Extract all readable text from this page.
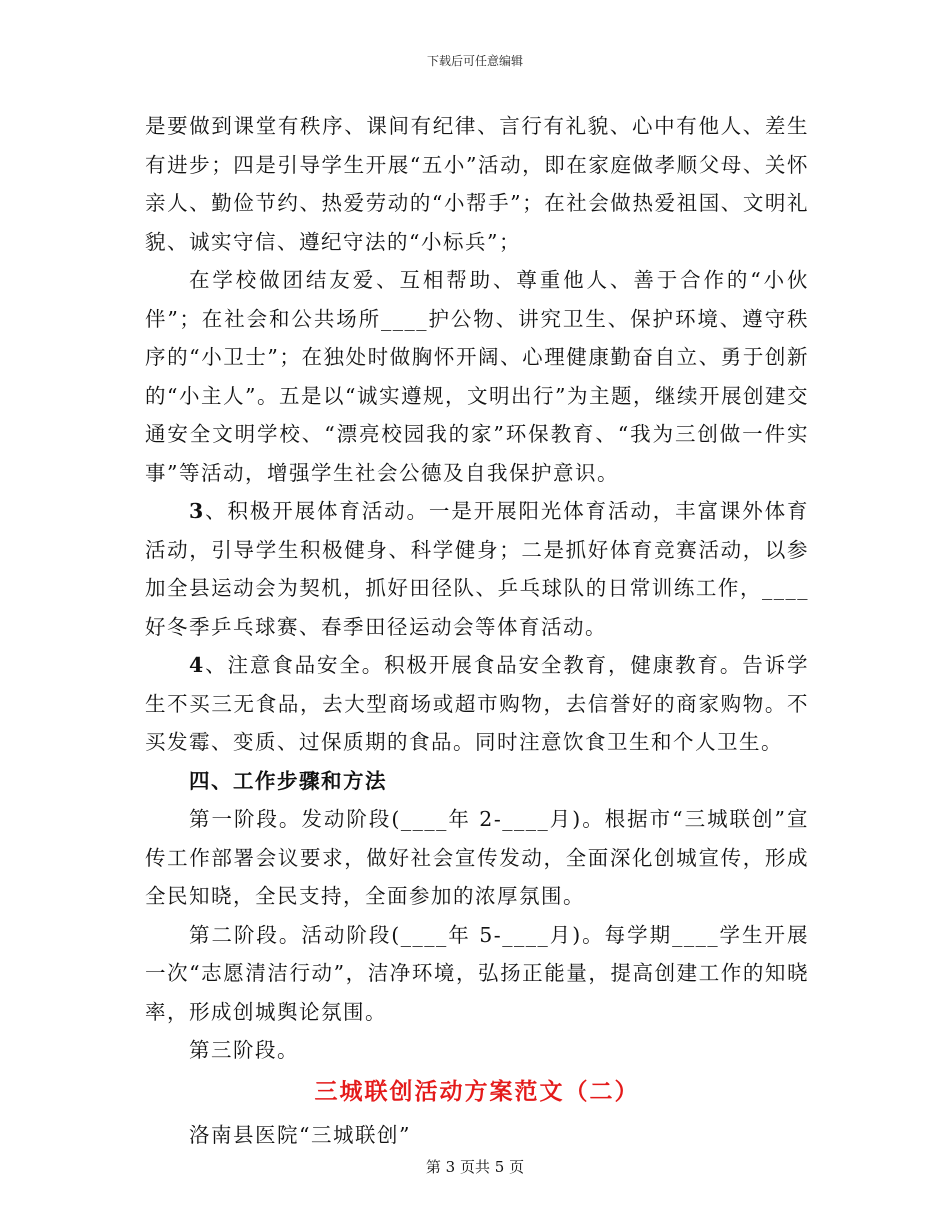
下载后可任意编辑

是要做到课堂有秩序、课间有纪律、言行有礼貌、心中有他人、差生有进步；四是引导学生开展“五小”活动，即在家庭做孝顺父母、关怀亲人、勤俭节约、热爱劳动的“小帮手”；在社会做热爱祖国、文明礼貌、诚实守信、遵纪守法的“小标兵”；

在学校做团结友爱、互相帮助、尊重他人、善于合作的“小伙伴”；在社会和公共场所____护公物、讲究卫生、保护环境、遵守秩序的“小卫士”；在独处时做胸怀开阔、心理健康勤奋自立、勇于创新的“小主人”。五是以“诚实遵规，文明出行”为主题，继续开展创建交通安全文明学校、“漂亮校园我的家”环保教育、“我为三创做一件实事”等活动，增强学生社会公德及自我保护意识。

3、积极开展体育活动。一是开展阳光体育活动，丰富课外体育活动，引导学生积极健身、科学健身；二是抓好体育竞赛活动，以参加全县运动会为契机，抓好田径队、乒乓球队的日常训练工作，____好冬季乒乓球赛、春季田径运动会等体育活动。

4、注意食品安全。积极开展食品安全教育，健康教育。告诉学生不买三无食品，去大型商场或超市购物，去信誉好的商家购物。不买发霉、变质、过保质期的食品。同时注意饮食卫生和个人卫生。

四、工作步骤和方法

第一阶段。发动阶段(____年 2-____月)。根据市“三城联创”宣传工作部署会议要求，做好社会宣传发动，全面深化创城宣传，形成全民知晓，全民支持，全面参加的浓厚氛围。

第二阶段。活动阶段(____年 5-____月)。每学期____学生开展一次“志愿清洁行动”，洁净环境，弘扬正能量，提高创建工作的知晓率，形成创城舆论氛围。

第三阶段。

三城联创活动方案范文（二）

洛南县医院“三城联创”

第 3 页共 5 页
